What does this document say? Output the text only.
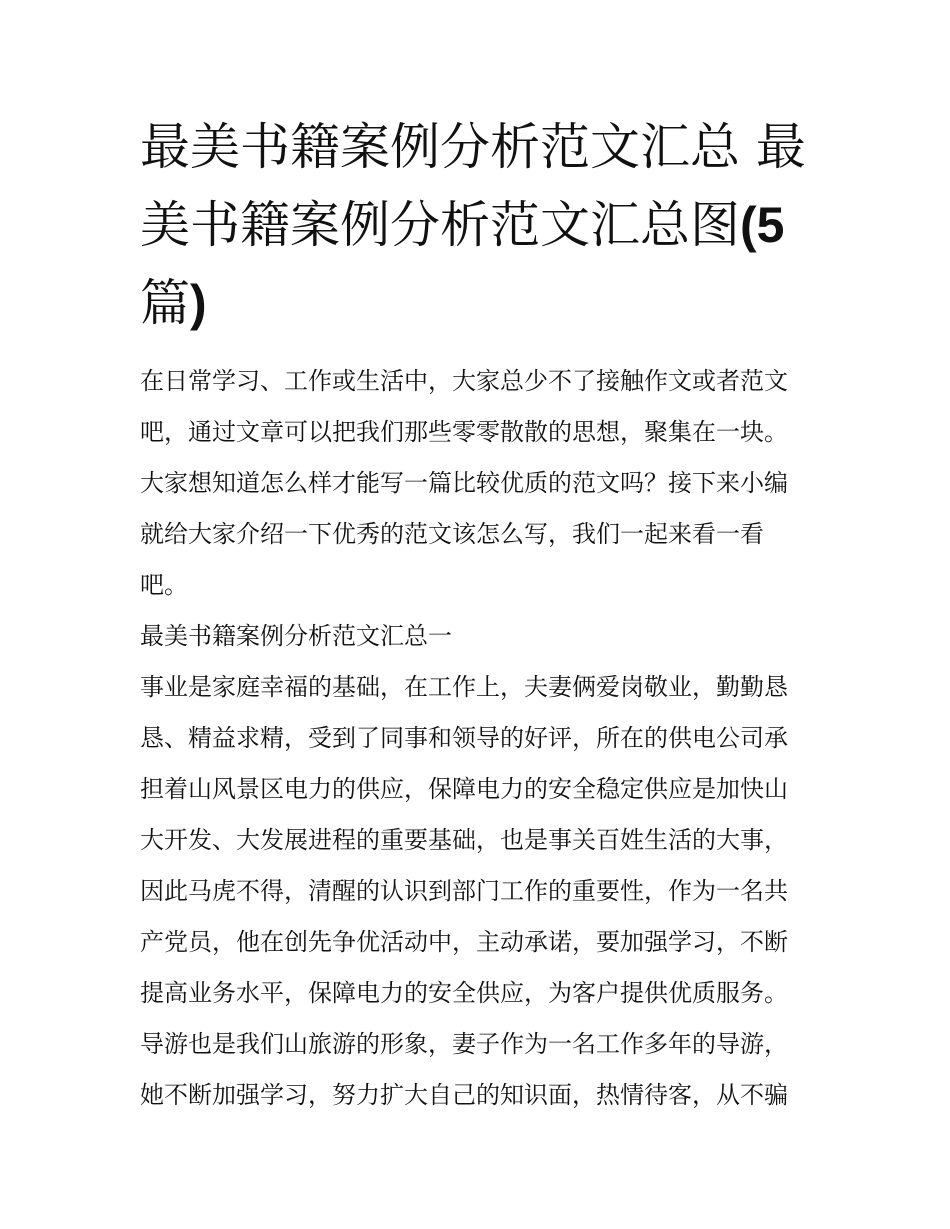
最美书籍案例分析范文汇总 最美书籍案例分析范文汇总图(5篇)

在日常学习、工作或生活中，大家总少不了接触作文或者范文
吧，通过文章可以把我们那些零零散散的思想，聚集在一块。
大家想知道怎么样才能写一篇比较优质的范文吗？接下来小编
就给大家介绍一下优秀的范文该怎么写，我们一起来看一看
吧。

最美书籍案例分析范文汇总一

事业是家庭幸福的基础，在工作上，夫妻俩爱岗敬业，勤勤恳
恳、精益求精，受到了同事和领导的好评，所在的供电公司承
担着山风景区电力的供应，保障电力的安全稳定供应是加快山
大开发、大发展进程的重要基础，也是事关百姓生活的大事，
因此马虎不得，清醒的认识到部门工作的重要性，作为一名共
产党员，他在创先争优活动中，主动承诺，要加强学习，不断
提高业务水平，保障电力的安全供应，为客户提供优质服务。
导游也是我们山旅游的形象，妻子作为一名工作多年的导游，
她不断加强学习，努力扩大自己的知识面，热情待客，从不骗
